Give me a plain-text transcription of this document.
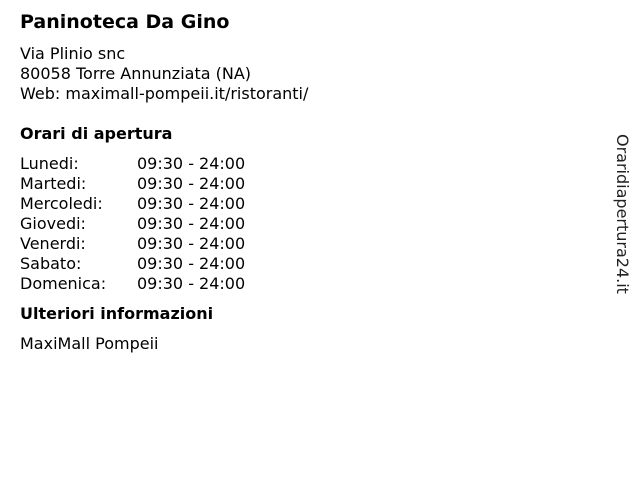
Paninoteca Da Gino
Via Plinio snc
80058 Torre Annunziata (NA)
Web: maximall-pompeii.it/ristoranti/
Orari di apertura
Lunedi:	09:30 - 24:00
Martedi:	09:30 - 24:00
Mercoledi:	09:30 - 24:00
Giovedi:	09:30 - 24:00
Venerdi:	09:30 - 24:00
Sabato:	09:30 - 24:00
Domenica:	09:30 - 24:00
Ulteriori informazioni
MaxiMall Pompeii
Oraridiapertura24.it
